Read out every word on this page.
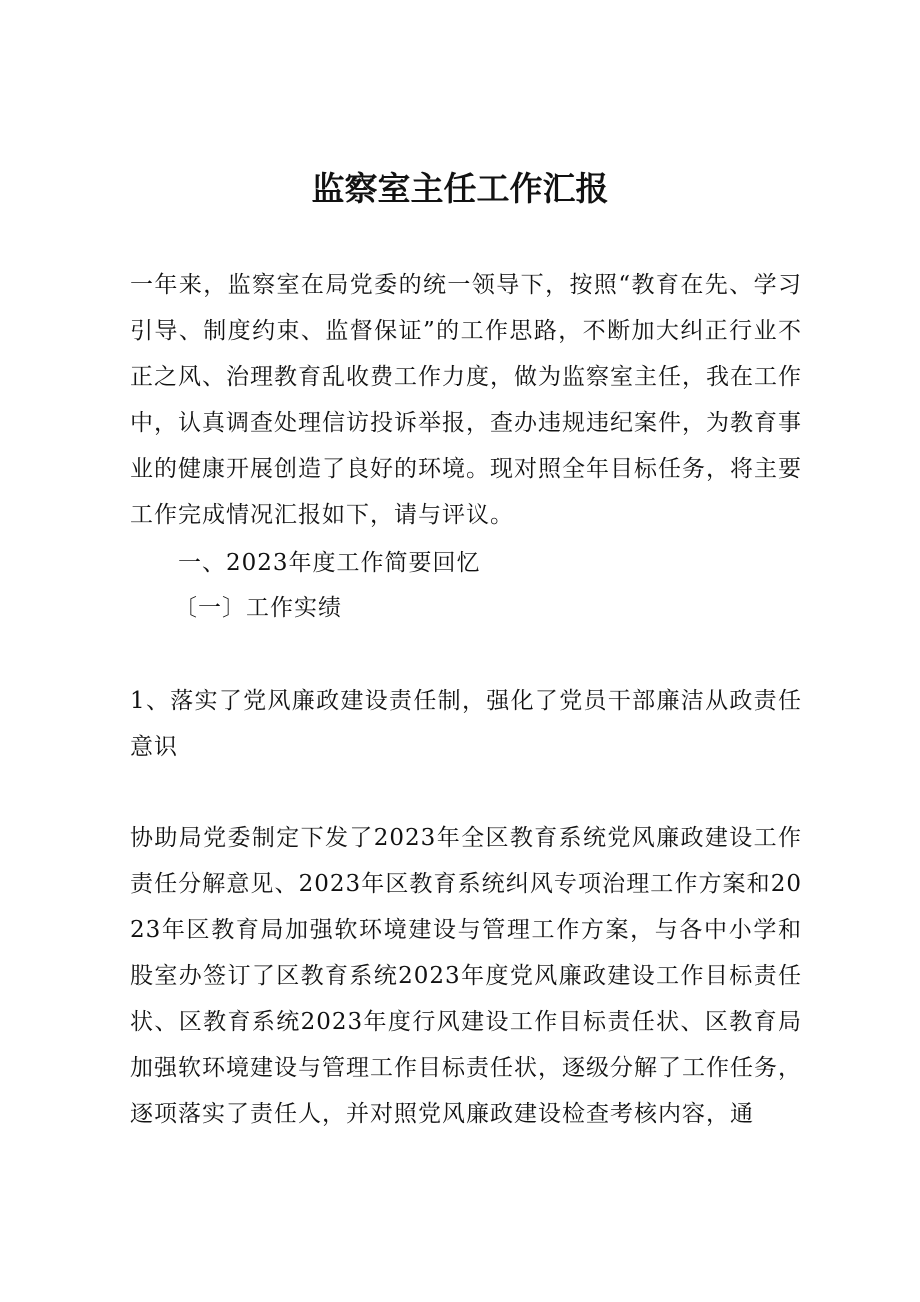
监察室主任工作汇报

一年来，监察室在局党委的统一领导下，按照“教育在先、学习引导、制度约束、监督保证”的工作思路，不断加大纠正行业不正之风、治理教育乱收费工作力度，做为监察室主任，我在工作中，认真调查处理信访投诉举报，查办违规违纪案件，为教育事业的健康开展创造了良好的环境。现对照全年目标任务，将主要工作完成情况汇报如下，请与评议。

一、2023年度工作简要回忆

〔一〕工作实绩

1、落实了党风廉政建设责任制，强化了党员干部廉洁从政责任意识

协助局党委制定下发了2023年全区教育系统党风廉政建设工作责任分解意见、2023年区教育系统纠风专项治理工作方案和2023年区教育局加强软环境建设与管理工作方案，与各中小学和股室办签订了区教育系统2023年度党风廉政建设工作目标责任状、区教育系统2023年度行风建设工作目标责任状、区教育局加强软环境建设与管理工作目标责任状，逐级分解了工作任务，逐项落实了责任人，并对照党风廉政建设检查考核内容，通
